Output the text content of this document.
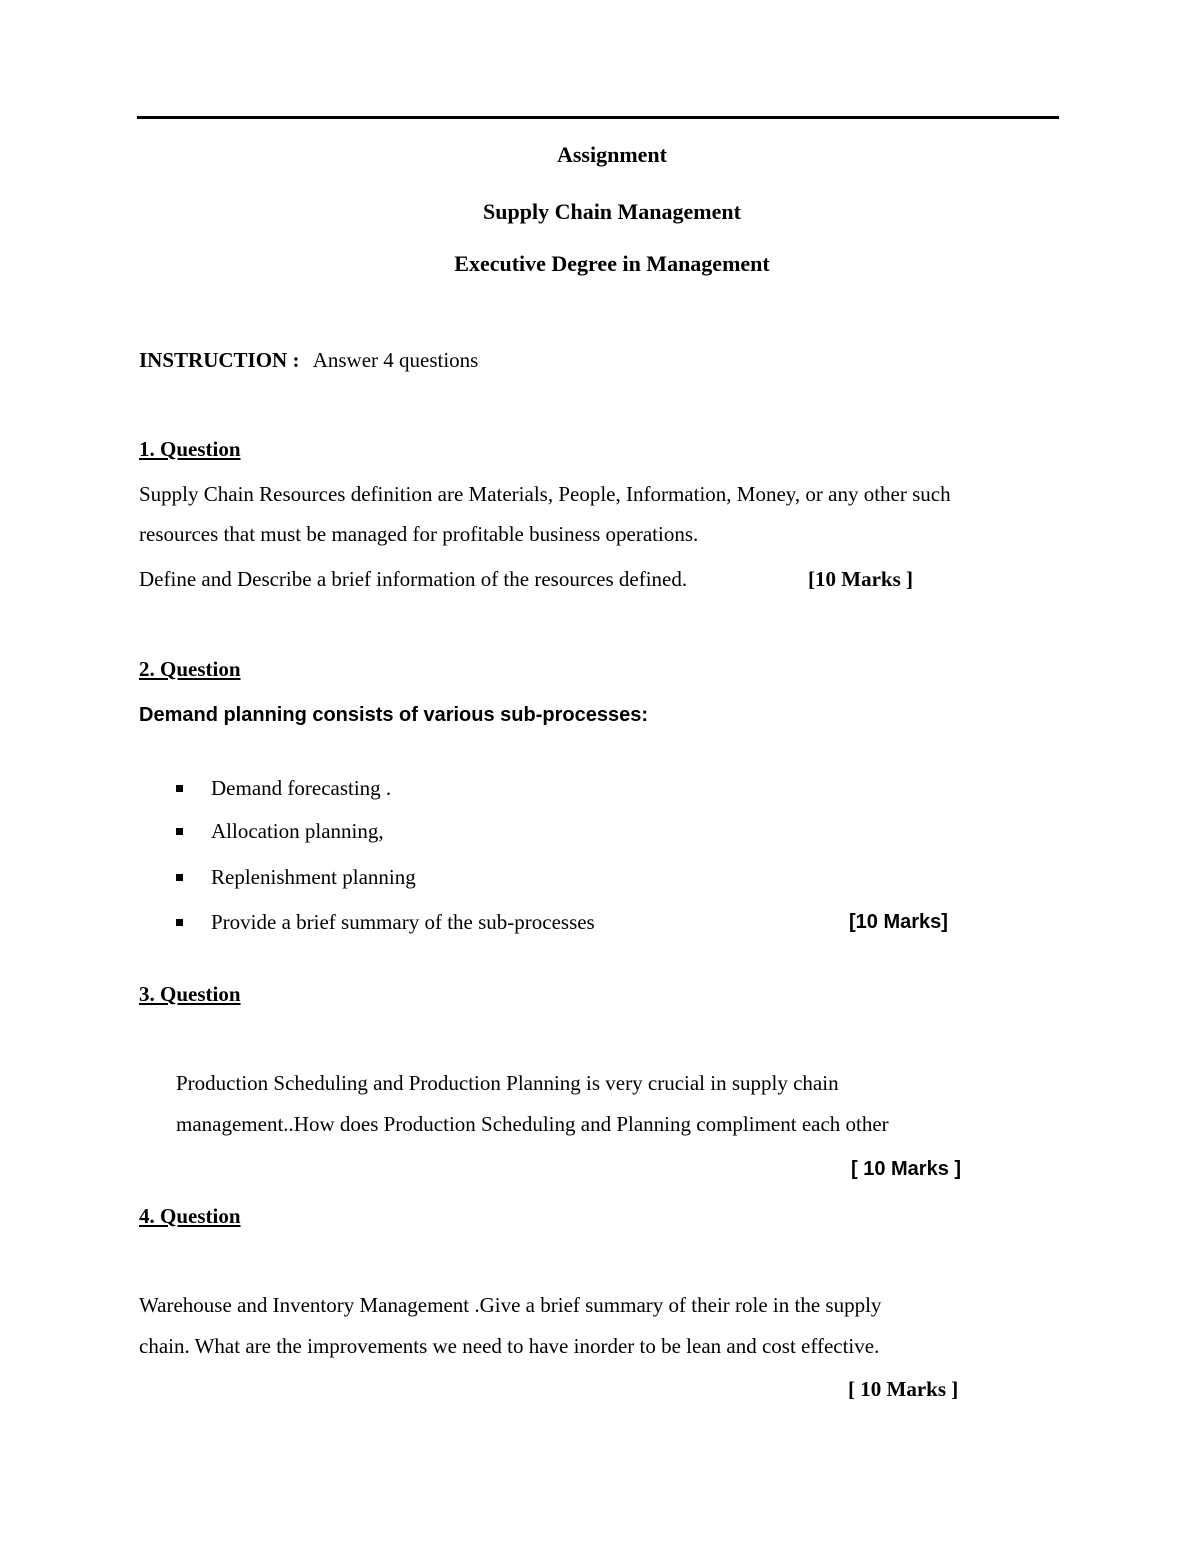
Assignment
Supply Chain Management
Executive Degree in Management
INSTRUCTION : Answer 4 questions
1. Question
Supply Chain Resources definition are Materials, People, Information, Money, or any other such
resources that must be managed for profitable business operations.
Define and Describe a brief information of the resources defined.	[10 Marks ]
2. Question
Demand planning consists of various sub-processes:
Demand forecasting .
Allocation planning,
Replenishment planning
Provide a brief summary of the sub-processes	[10 Marks]
3. Question
Production Scheduling and Production Planning is very crucial in supply chain
management..How does Production Scheduling and Planning compliment each other
[ 10 Marks ]
4. Question
Warehouse and Inventory Management .Give a brief summary of their role in the supply
chain. What are the improvements we need to have inorder to be lean and cost effective.
[ 10 Marks ]
